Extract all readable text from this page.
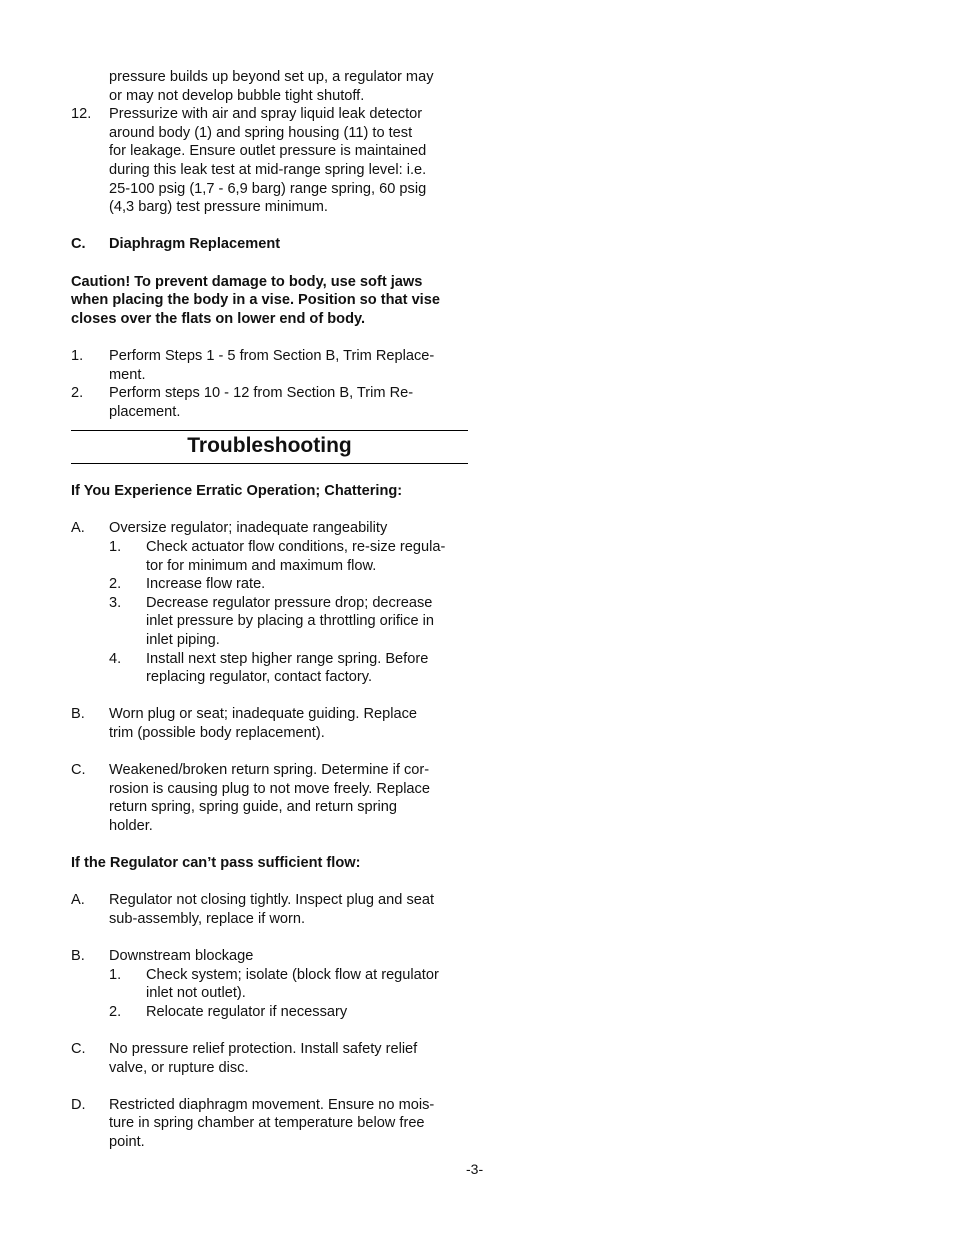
pressure builds up beyond set up, a regulator may
or may not develop bubble tight shutoff.
12.	Pressurize with air and spray liquid leak detector
around body (1) and spring housing (11) to test
for leakage. Ensure outlet pressure is maintained
during this leak test at mid-range spring level: i.e.
25-100 psig (1,7 - 6,9 barg) range spring, 60 psig
(4,3 barg) test pressure minimum.
C.	Diaphragm Replacement
Caution! To prevent damage to body, use soft jaws
when placing the body in a vise. Position so that vise
closes over the flats on lower end of body.
1.	Perform Steps 1 - 5 from Section B, Trim Replace-
ment.
2.	Perform steps 10 - 12 from Section B, Trim Re-
placement.
Troubleshooting
If You Experience Erratic Operation; Chattering:
A.	Oversize regulator; inadequate rangeability
1.	Check actuator flow conditions, re-size regula-
tor for minimum and maximum flow.
2.	Increase flow rate.
3.	Decrease regulator pressure drop; decrease
inlet pressure by placing a throttling orifice in
inlet piping.
4.	Install next step higher range spring. Before
replacing regulator, contact factory.
B.	Worn plug or seat; inadequate guiding. Replace
trim (possible body replacement).
C.	Weakened/broken return spring. Determine if cor-
rosion is causing plug to not move freely. Replace
return spring, spring guide, and return spring
holder.
If the Regulator can’t pass sufficient flow:
A.	Regulator not closing tightly. Inspect plug and seat
sub-assembly, replace if worn.
B.	Downstream blockage
1.	Check system; isolate (block flow at regulator
inlet not outlet).
2.	Relocate regulator if necessary
C.	No pressure relief protection. Install safety relief
valve, or rupture disc.
D.	Restricted diaphragm movement. Ensure no mois-
ture in spring chamber at temperature below free
point.
-3-
